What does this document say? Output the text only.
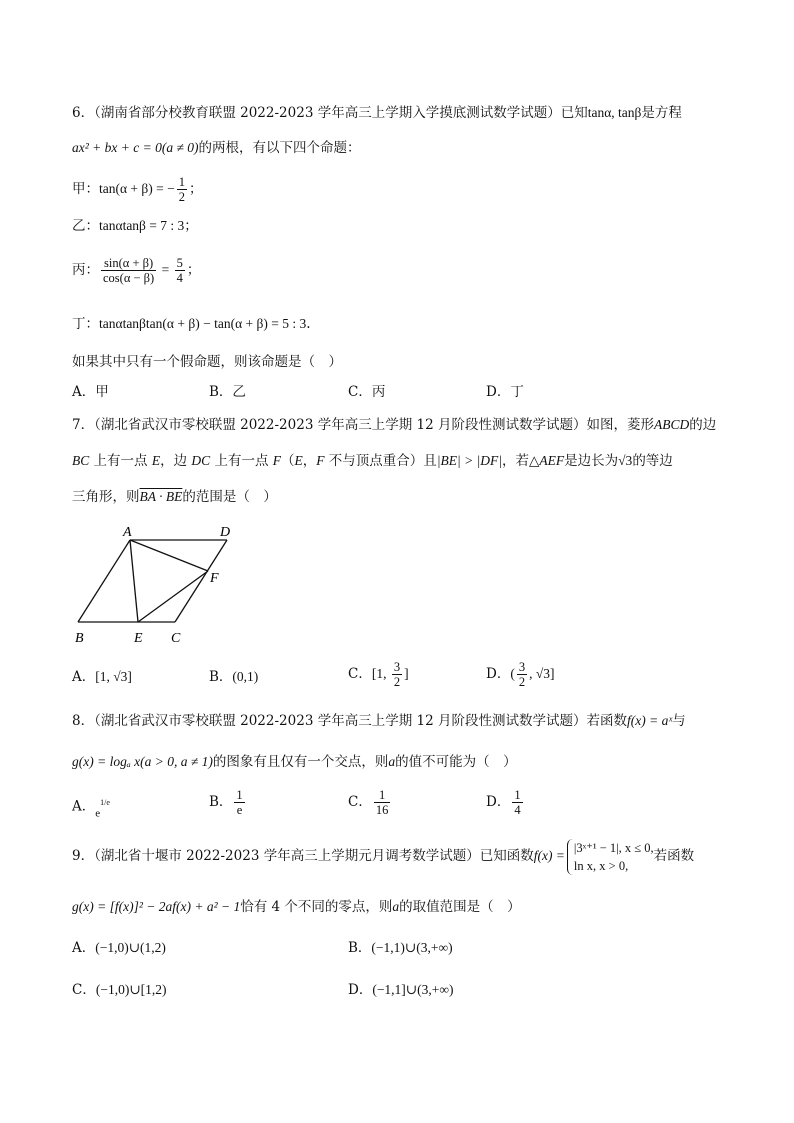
6．（湖南省部分校教育联盟 2022-2023 学年高三上学期入学摸底测试数学试题）已知tanα, tanβ是方程
ax² + bx + c = 0(a ≠ 0)的两根，有以下四个命题：
甲：tan(α + β) = − $\frac{1}{2}$ ；
乙：tanαtanβ = 7 : 3；
丙： $\frac{\sin(\alpha + \beta)}{\cos(\alpha - \beta)} = \frac{5}{4}$ ；
丁：tanαtanβtan(α + β) − tan(α + β) = 5 : 3.
如果其中只有一个假命题，则该命题是（　）
A．甲	B．乙	C．丙	D．丁
7．（湖北省武汉市零校联盟 2022-2023 学年高三上学期 12 月阶段性测试数学试题）如图，菱形ABCD的边
BC 上有一点 E，边 DC 上有一点 F（E，F 不与顶点重合）且|BE| > |DF|，若△AEF是边长为√3的等边
三角形，则BA · BE的范围是（　）
A	D
F
B	E C
A．[1, √3]	B．(0,1)	C．[1, $\frac{3}{2}$ ]	D．( $\frac{3}{2}$ , √3]
8．（湖北省武汉市零校联盟 2022-2023 学年高三上学期 12 月阶段性测试数学试题）若函数f(x) = aˣ与
g(x) = logₐ x(a > 0, a ≠ 1)的图象有且仅有一个交点，则a的值不可能为（　）
A．$_e^{1/e}$	B． $\frac{1}{e}$	C． $\frac{1}{16}$	D． $\frac{1}{4}$
9．（湖北省十堰市 2022-2023 学年高三上学期元月调考数学试题）已知函数f(x) =
|3ˣ⁺¹ − 1|, x ≤ 0,
ln x, x > 0,
若函数
g(x) = [f(x)]² − 2af(x) + a² − 1恰有 4 个不同的零点，则a的取值范围是（　）
A．(−1,0)∪(1,2)	B．(−1,1)∪(3,+∞)
C．(−1,0)∪[1,2)	D．(−1,1]∪(3,+∞)
